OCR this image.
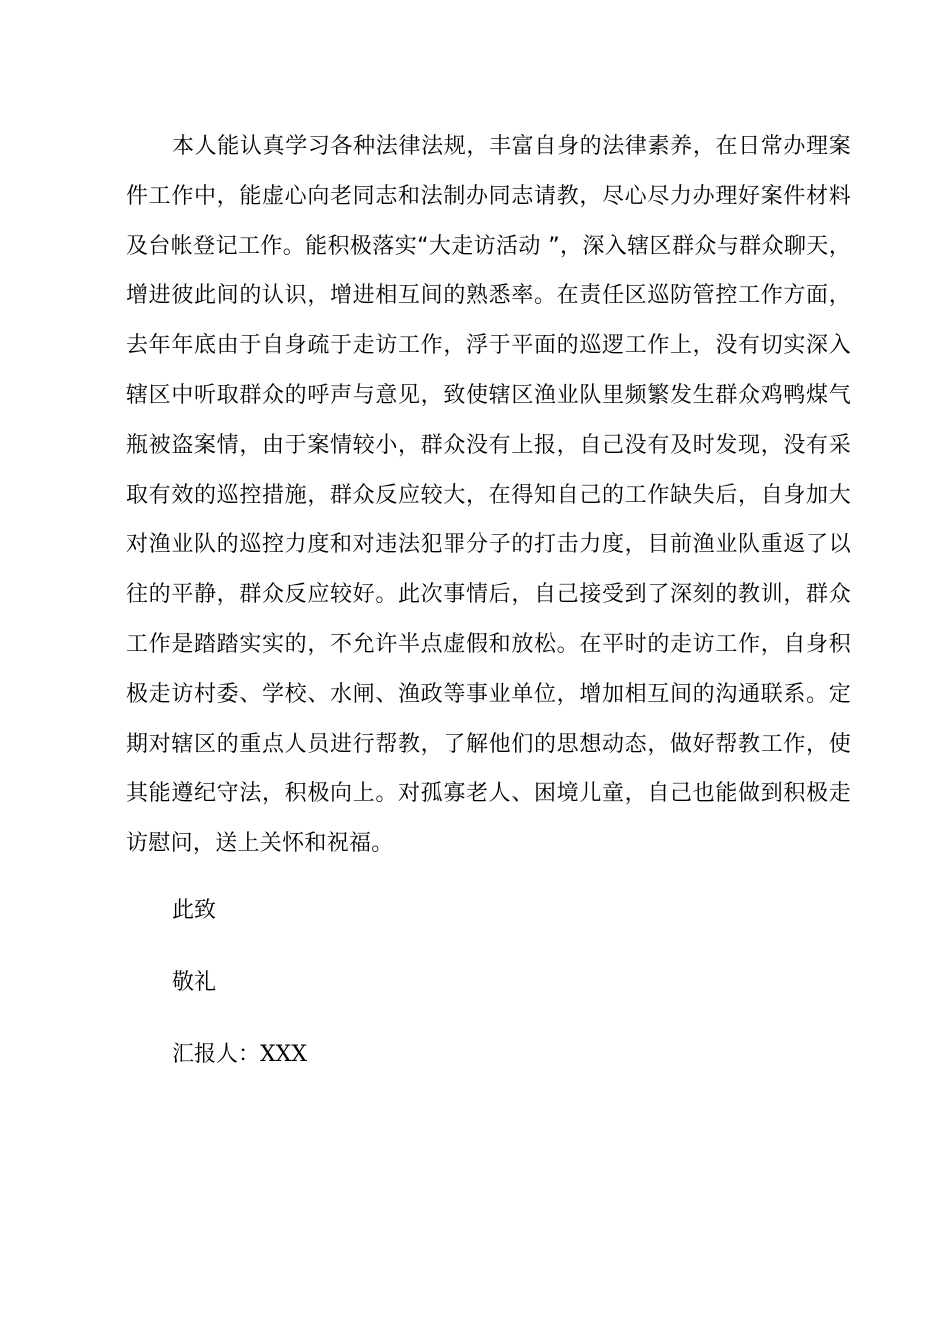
本人能认真学习各种法律法规，丰富自身的法律素养，在日常办理案
件工作中，能虚心向老同志和法制办同志请教，尽心尽力办理好案件材料
及台帐登记工作。能积极落实“大走访活动 ”，深入辖区群众与群众聊天，
增进彼此间的认识，增进相互间的熟悉率。在责任区巡防管控工作方面，
去年年底由于自身疏于走访工作，浮于平面的巡逻工作上，没有切实深入
辖区中听取群众的呼声与意见，致使辖区渔业队里频繁发生群众鸡鸭煤气
瓶被盗案情，由于案情较小，群众没有上报，自己没有及时发现，没有采
取有效的巡控措施，群众反应较大，在得知自己的工作缺失后，自身加大
对渔业队的巡控力度和对违法犯罪分子的打击力度，目前渔业队重返了以
往的平静，群众反应较好。此次事情后，自己接受到了深刻的教训，群众
工作是踏踏实实的，不允许半点虚假和放松。在平时的走访工作，自身积
极走访村委、学校、水闸、渔政等事业单位，增加相互间的沟通联系。定
期对辖区的重点人员进行帮教，了解他们的思想动态，做好帮教工作，使
其能遵纪守法，积极向上。对孤寡老人、困境儿童，自己也能做到积极走
访慰问，送上关怀和祝福。

此致

敬礼

汇报人：XXX
